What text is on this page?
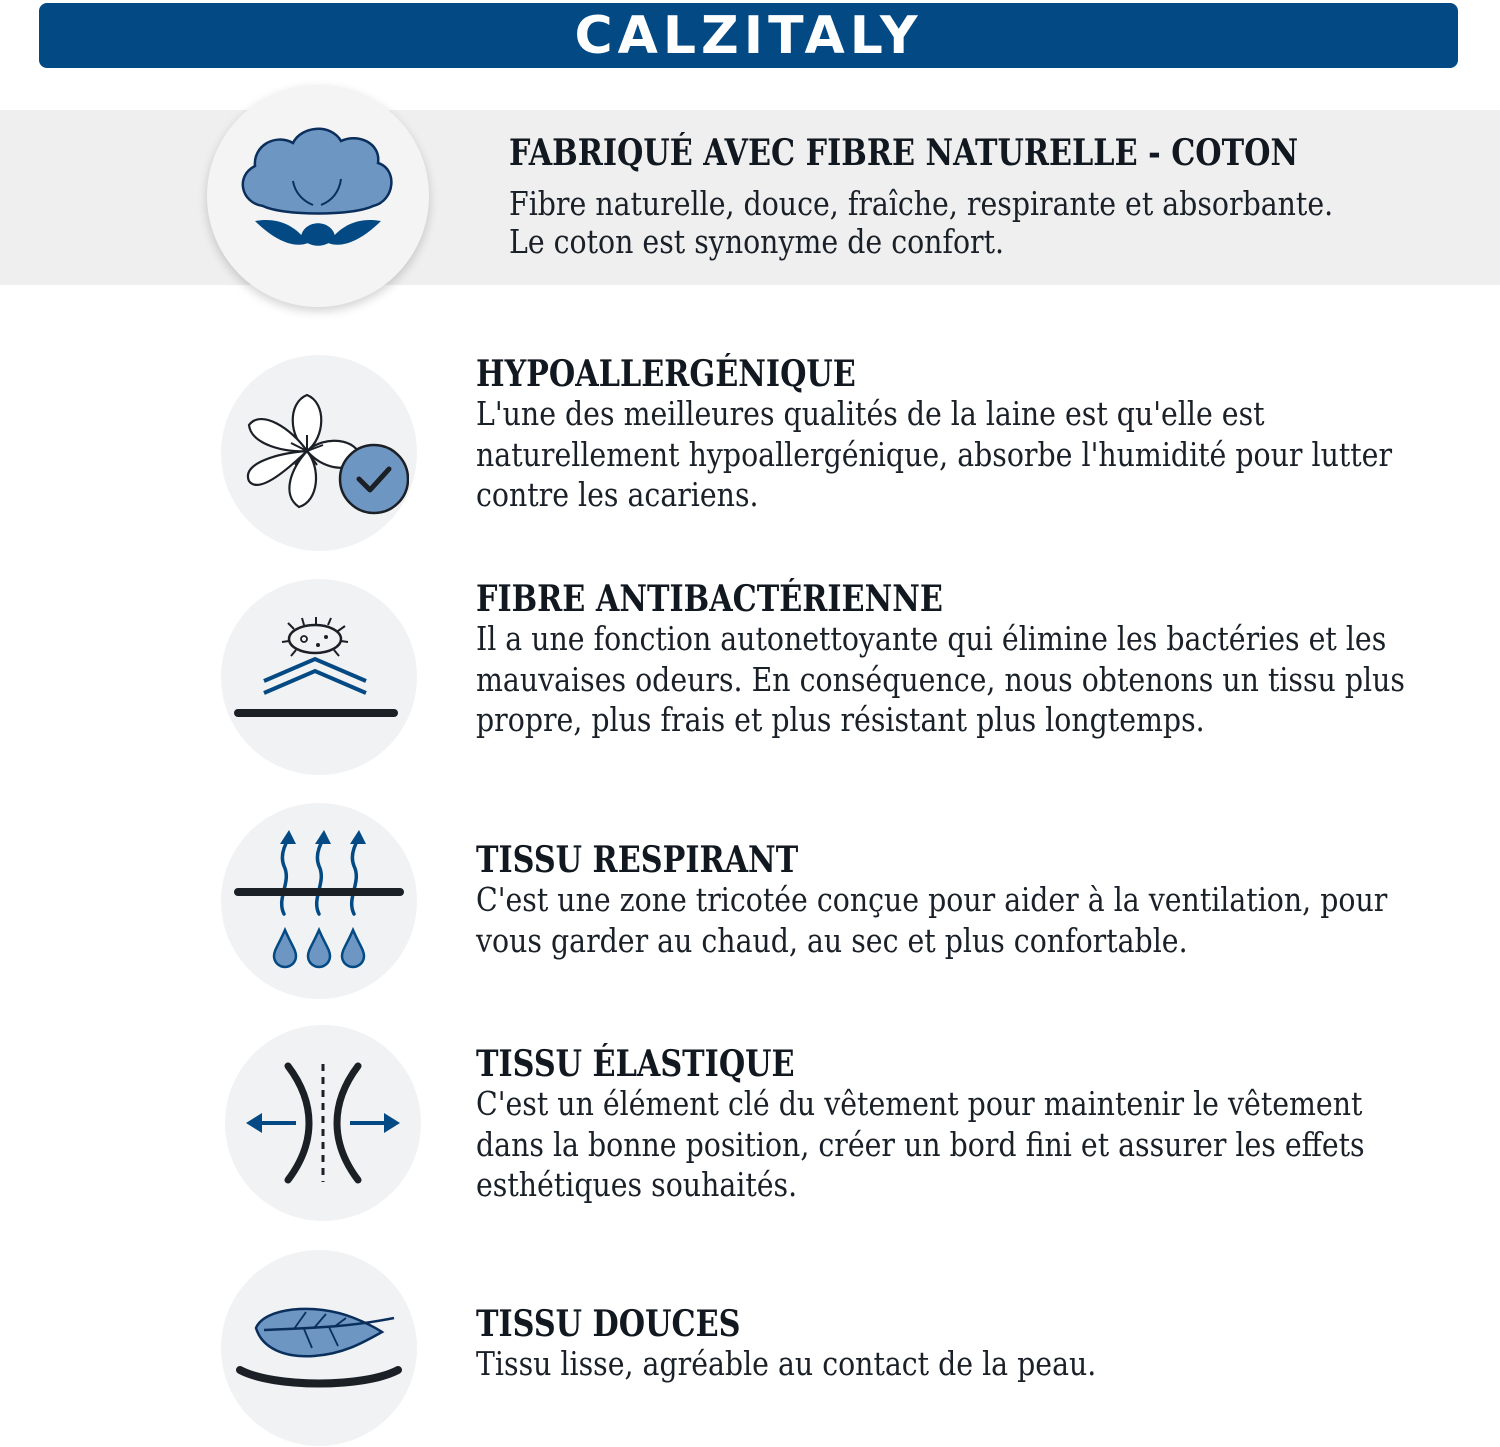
CALZITALY
FABRIQUÉ AVEC FIBRE NATURELLE - COTON
Fibre naturelle, douce, fraîche, respirante et absorbante.
Le coton est synonyme de confort.
HYPOALLERGÉNIQUE
L'une des meilleures qualités de la laine est qu'elle est
naturellement hypoallergénique, absorbe l'humidité pour lutter
contre les acariens.
FIBRE ANTIBACTÉRIENNE
Il a une fonction autonettoyante qui élimine les bactéries et les
mauvaises odeurs. En conséquence, nous obtenons un tissu plus
propre, plus frais et plus résistant plus longtemps.
TISSU RESPIRANT
C'est une zone tricotée conçue pour aider à la ventilation, pour
vous garder au chaud, au sec et plus confortable.
TISSU ÉLASTIQUE
C'est un élément clé du vêtement pour maintenir le vêtement
dans la bonne position, créer un bord fini et assurer les effets
esthétiques souhaités.
TISSU DOUCES
Tissu lisse, agréable au contact de la peau.
